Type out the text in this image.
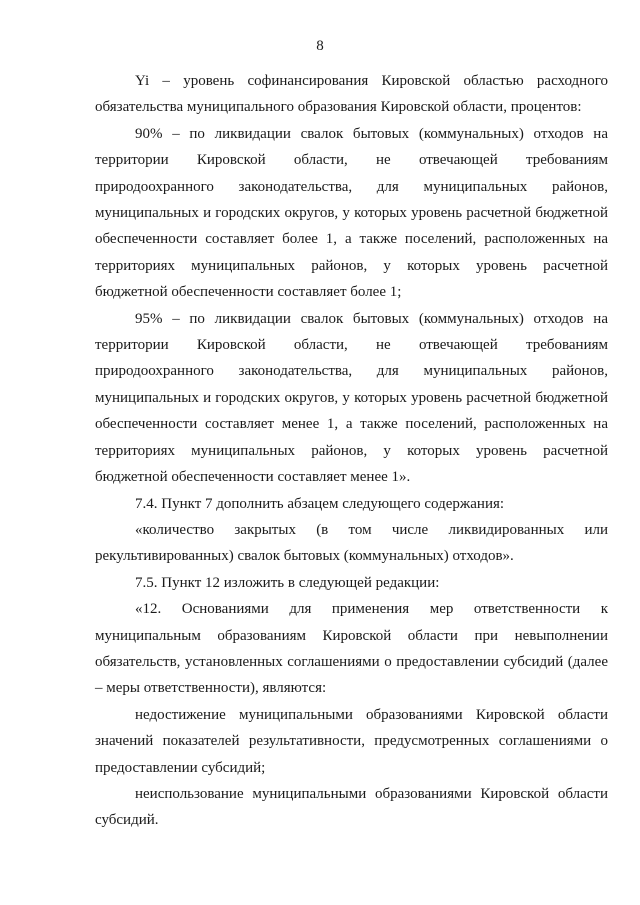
8

Yi – уровень софинансирования Кировской областью расходного обязательства муниципального образования Кировской области, процентов:

90% – по ликвидации свалок бытовых (коммунальных) отходов на территории Кировской области, не отвечающей требованиям природоохранного законодательства, для муниципальных районов, муниципальных и городских округов, у которых уровень расчетной бюджетной обеспеченности составляет более 1, а также поселений, расположенных на территориях муниципальных районов, у которых уровень расчетной бюджетной обеспеченности составляет более 1;

95% – по ликвидации свалок бытовых (коммунальных) отходов на территории Кировской области, не отвечающей требованиям природоохранного законодательства, для муниципальных районов, муниципальных и городских округов, у которых уровень расчетной бюджетной обеспеченности составляет менее 1, а также поселений, расположенных на территориях муниципальных районов, у которых уровень расчетной бюджетной обеспеченности составляет менее 1».

7.4. Пункт 7 дополнить абзацем следующего содержания:

«количество закрытых (в том числе ликвидированных или рекультивированных) свалок бытовых (коммунальных) отходов».

7.5. Пункт 12 изложить в следующей редакции:

«12. Основаниями для применения мер ответственности к муниципальным образованиям Кировской области при невыполнении обязательств, установленных соглашениями о предоставлении субсидий (далее – меры ответственности), являются:

недостижение муниципальными образованиями Кировской области значений показателей результативности, предусмотренных соглашениями о предоставлении субсидий;

неиспользование муниципальными образованиями Кировской области субсидий.
